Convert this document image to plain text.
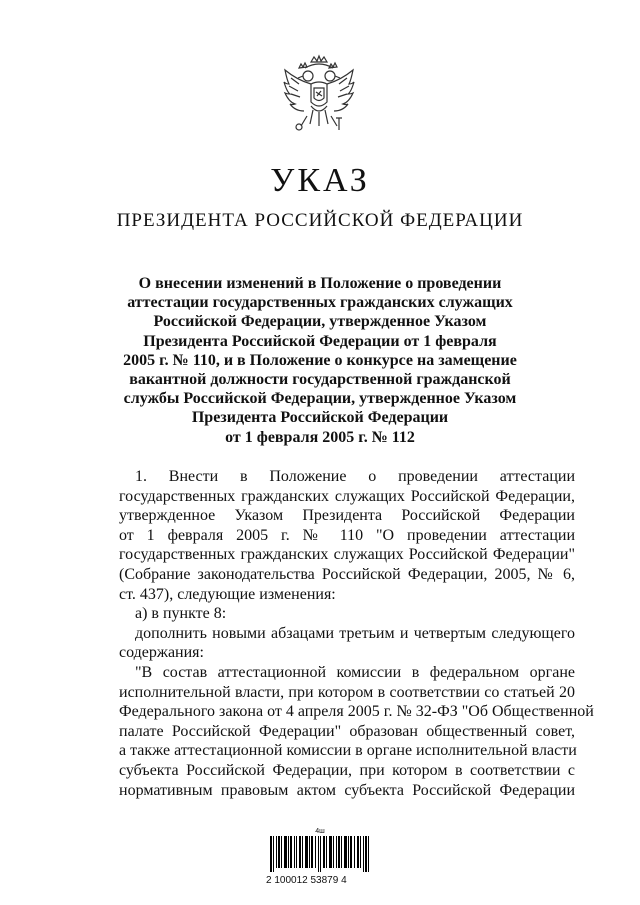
УКАЗ
ПРЕЗИДЕНТА РОССИЙСКОЙ ФЕДЕРАЦИИ
О внесении изменений в Положение о проведении
аттестации государственных гражданских служащих
Российской Федерации, утвержденное Указом
Президента Российской Федерации от 1 февраля
2005 г. № 110, и в Положение о конкурсе на замещение
вакантной должности государственной гражданской
службы Российской Федерации, утвержденное Указом
Президента Российской Федерации
от 1 февраля 2005 г. № 112
1. Внести в Положение о проведении аттестации
государственных гражданских служащих Российской Федерации,
утвержденное Указом Президента Российской Федерации
от 1 февраля 2005 г. № 110 "О проведении аттестации
государственных гражданских служащих Российской Федерации"
(Собрание законодательства Российской Федерации, 2005, № 6,
ст. 437), следующие изменения:
а) в пункте 8:
дополнить новыми абзацами третьим и четвертым следующего
содержания:
"В состав аттестационной комиссии в федеральном органе
исполнительной власти, при котором в соответствии со статьей 20
Федерального закона от 4 апреля 2005 г. № 32-ФЗ "Об Общественной
палате Российской Федерации" образован общественный совет,
а также аттестационной комиссии в органе исполнительной власти
субъекта Российской Федерации, при котором в соответствии с
нормативным правовым актом субъекта Российской Федерации
4ш
2 100012 53879 4
